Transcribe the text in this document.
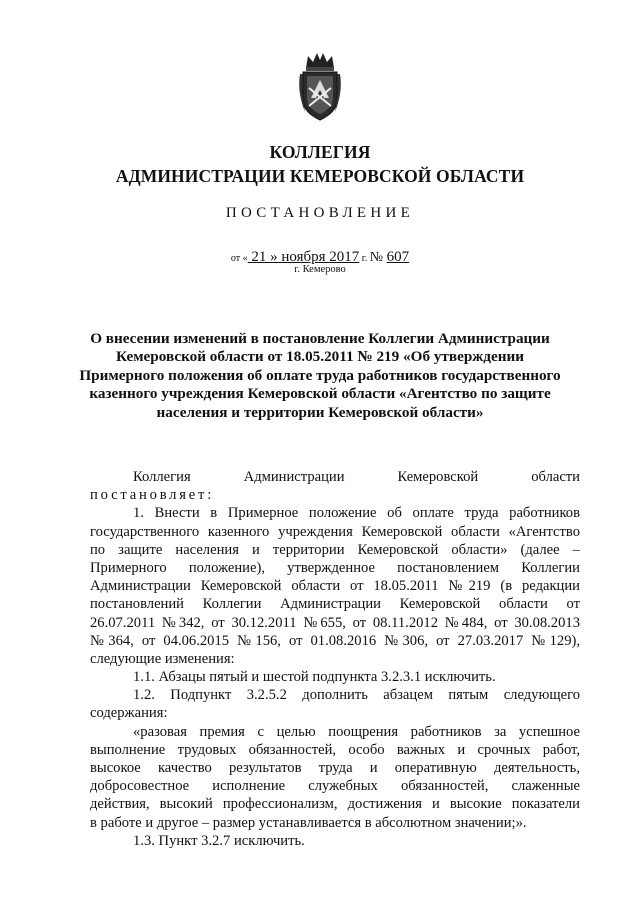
КОЛЛЕГИЯ
АДМИНИСТРАЦИИ КЕМЕРОВСКОЙ ОБЛАСТИ
ПОСТАНОВЛЕНИЕ
от « 21 » ноября 2017 г. № 607
г. Кемерово
О внесении изменений в постановление Коллегии Администрации
Кемеровской области от 18.05.2011 № 219 «Об утверждении
Примерного положения об оплате труда работников государственного
казенного учреждения Кемеровской области «Агентство по защите
населения и территории Кемеровской области»
Коллегия Администрации Кемеровской области
постановляет:
1. Внести в Примерное положение об оплате труда работников
государственного казенного учреждения Кемеровской области «Агентство
по защите населения и территории Кемеровской области» (далее –
Примерного положение), утвержденное постановлением Коллегии
Администрации Кемеровской области от 18.05.2011 №219 (в редакции
постановлений Коллегии Администрации Кемеровской области от
26.07.2011 №342, от 30.12.2011 №655, от 08.11.2012 №484, от 30.08.2013
№364, от 04.06.2015 №156, от 01.08.2016 №306, от 27.03.2017 №129),
следующие изменения:
1.1. Абзацы пятый и шестой подпункта 3.2.3.1 исключить.
1.2. Подпункт 3.2.5.2 дополнить абзацем пятым следующего
содержания:
«разовая премия с целью поощрения работников за успешное
выполнение трудовых обязанностей, особо важных и срочных работ,
высокое качество результатов труда и оперативную деятельность,
добросовестное исполнение служебных обязанностей, слаженные
действия, высокий профессионализм, достижения и высокие показатели
в работе и другое – размер устанавливается в абсолютном значении;».
1.3. Пункт 3.2.7 исключить.
